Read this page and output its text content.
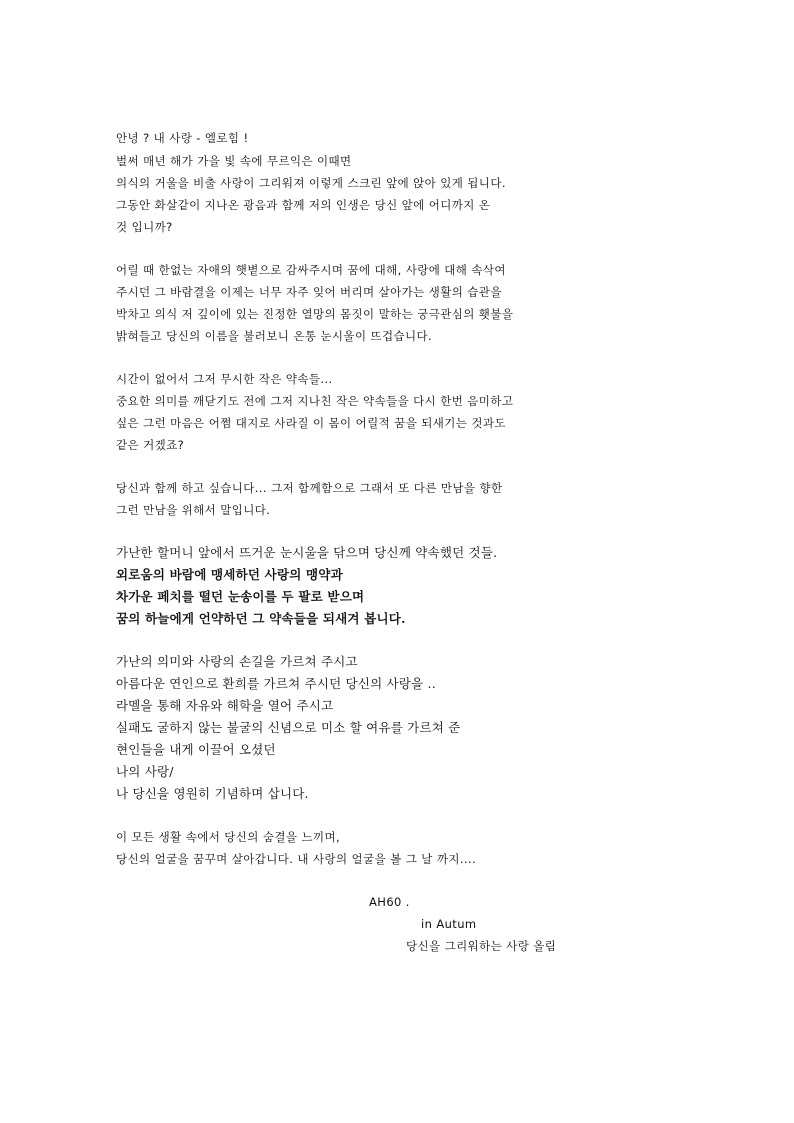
안녕 ? 내 사랑 - 엘로힘 !
벌써 매년 해가 가을 빛 속에 무르익은 이때면
의식의 거울을 비출 사랑이 그리워져 이렇게 스크린 앞에 앉아 있게 됩니다.
그동안 화살같이 지나온 광음과 함께 저의 인생은 당신 앞에 어디까지 온
것 입니까?
어릴 때 한없는 자애의 햇볕으로 감싸주시며 꿈에 대해, 사랑에 대해 속삭여
주시던 그 바람결을 이제는 너무 자주 잊어 버리며 살아가는 생활의 습관을
박차고 의식 저 깊이에 있는 진정한 열망의 몸짓이 말하는 궁극관심의 횃불을
밝혀들고 당신의 이름을 불러보니 온통 눈시울이 뜨겁습니다.
시간이 없어서 그저 무시한 작은 약속들...
중요한 의미를 깨닫기도 전에 그저 지나친 작은 약속들을 다시 한번 음미하고
싶은 그런 마음은 어쩜 대지로 사라질 이 몸이 어릴적 꿈을 되새기는 것과도
같은 거겠죠?
당신과 함께 하고 싶습니다... 그저 함께함으로 그래서 또 다른 만남을 향한
그런 만남을 위해서 말입니다.
가난한 할머니 앞에서 뜨거운 눈시울을 닦으며 당신께 약속했던 것들.
외로움의 바람에 맹세하던 사랑의 맹약과
차가운 페치를 떨던 눈송이를 두 팔로 받으며
꿈의 하늘에게 언약하던 그 약속들을 되새겨 봅니다.
가난의 의미와 사랑의 손길을 가르쳐 주시고
아름다운 연인으로 환희를 가르쳐 주시던 당신의 사랑을 ..
라멜을 통해 자유와 해학을 열어 주시고
실패도 굴하지 않는 불굴의 신념으로 미소 할 여유를 가르쳐 준
현인들을 내게 이끌어 오셨던
나의 사랑/
나 당신을 영원히 기념하며 삽니다.
이 모든 생활 속에서 당신의 숨결을 느끼며,
당신의 얼굴을 꿈꾸며 살아갑니다. 내 사랑의 얼굴을 볼 그 날 까지....
AH60 .
in Autum
당신을 그리워하는 사랑 올림
